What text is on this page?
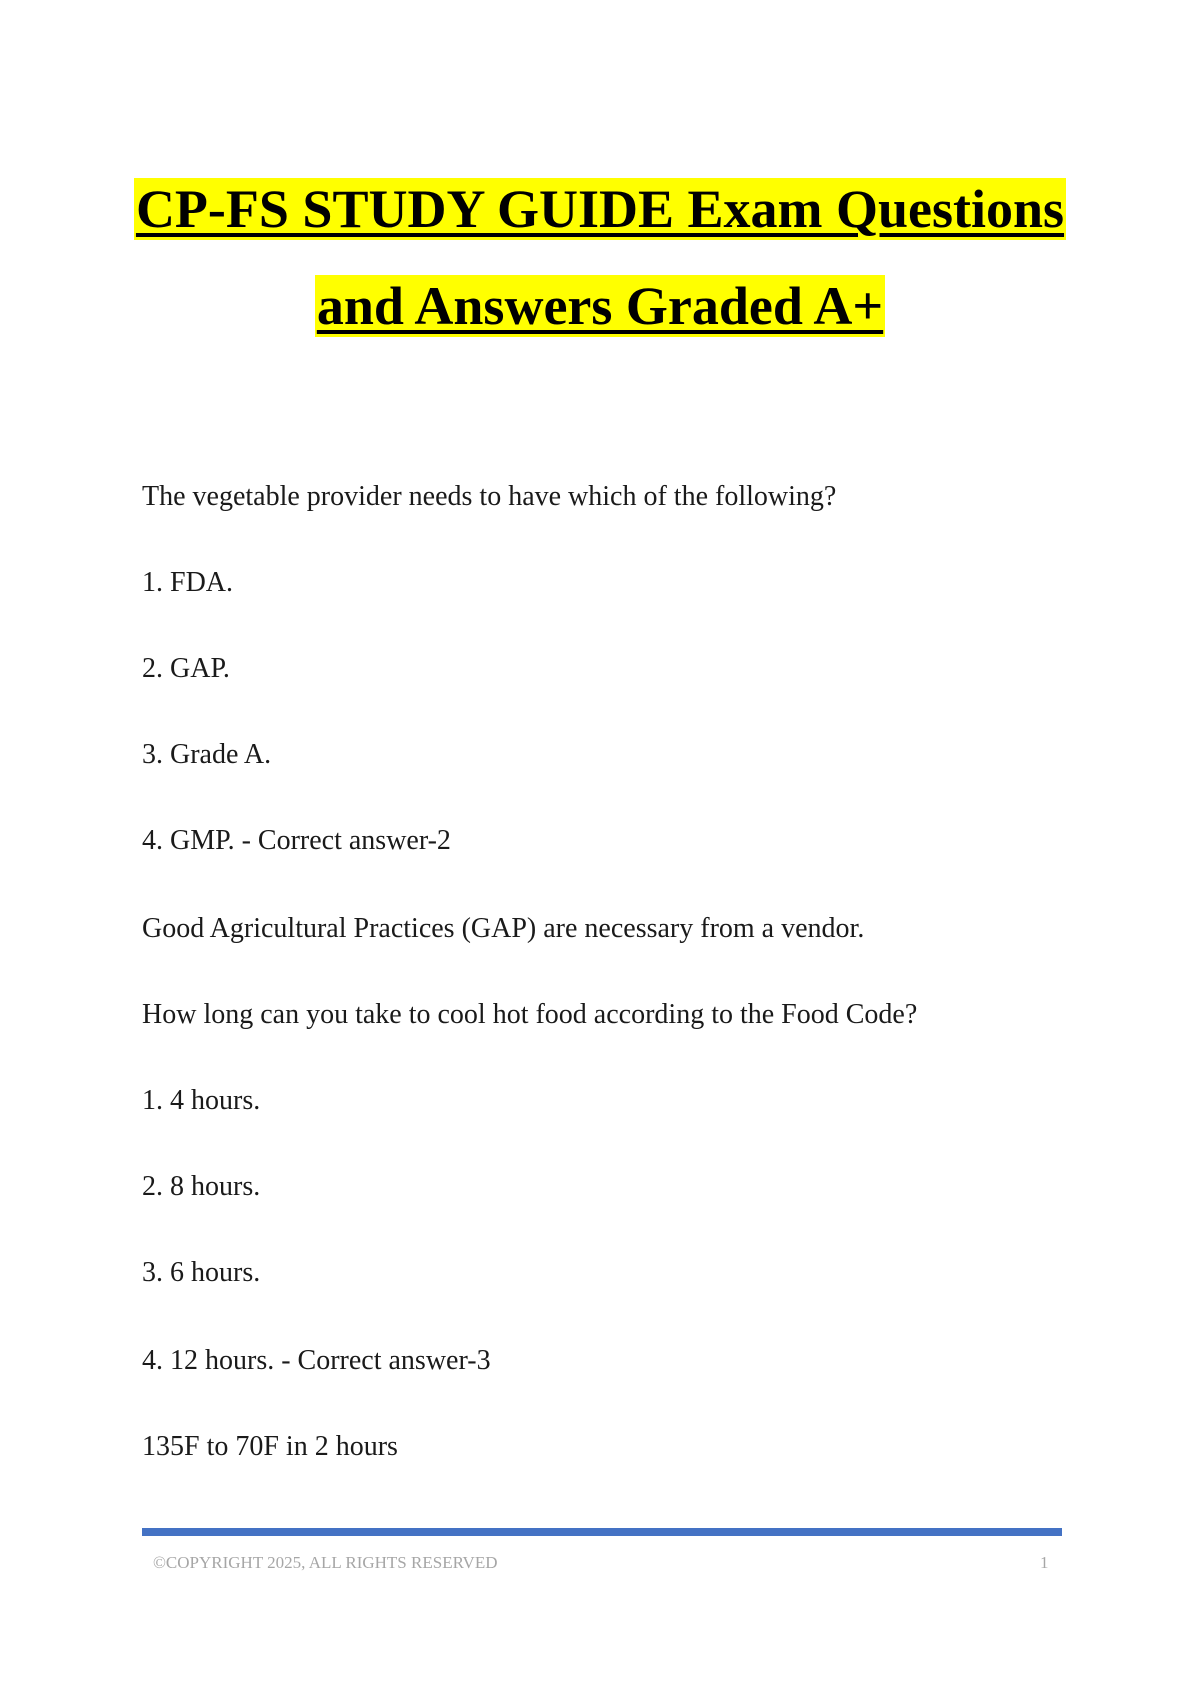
CP-FS STUDY GUIDE Exam Questions
and Answers Graded A+
The vegetable provider needs to have which of the following?
1. FDA.
2. GAP.
3. Grade A.
4. GMP. - Correct answer-2
Good Agricultural Practices (GAP) are necessary from a vendor.
How long can you take to cool hot food according to the Food Code?
1. 4 hours.
2. 8 hours.
3. 6 hours.
4. 12 hours. - Correct answer-3
135F to 70F in 2 hours
©COPYRIGHT 2025, ALL RIGHTS RESERVED	1
